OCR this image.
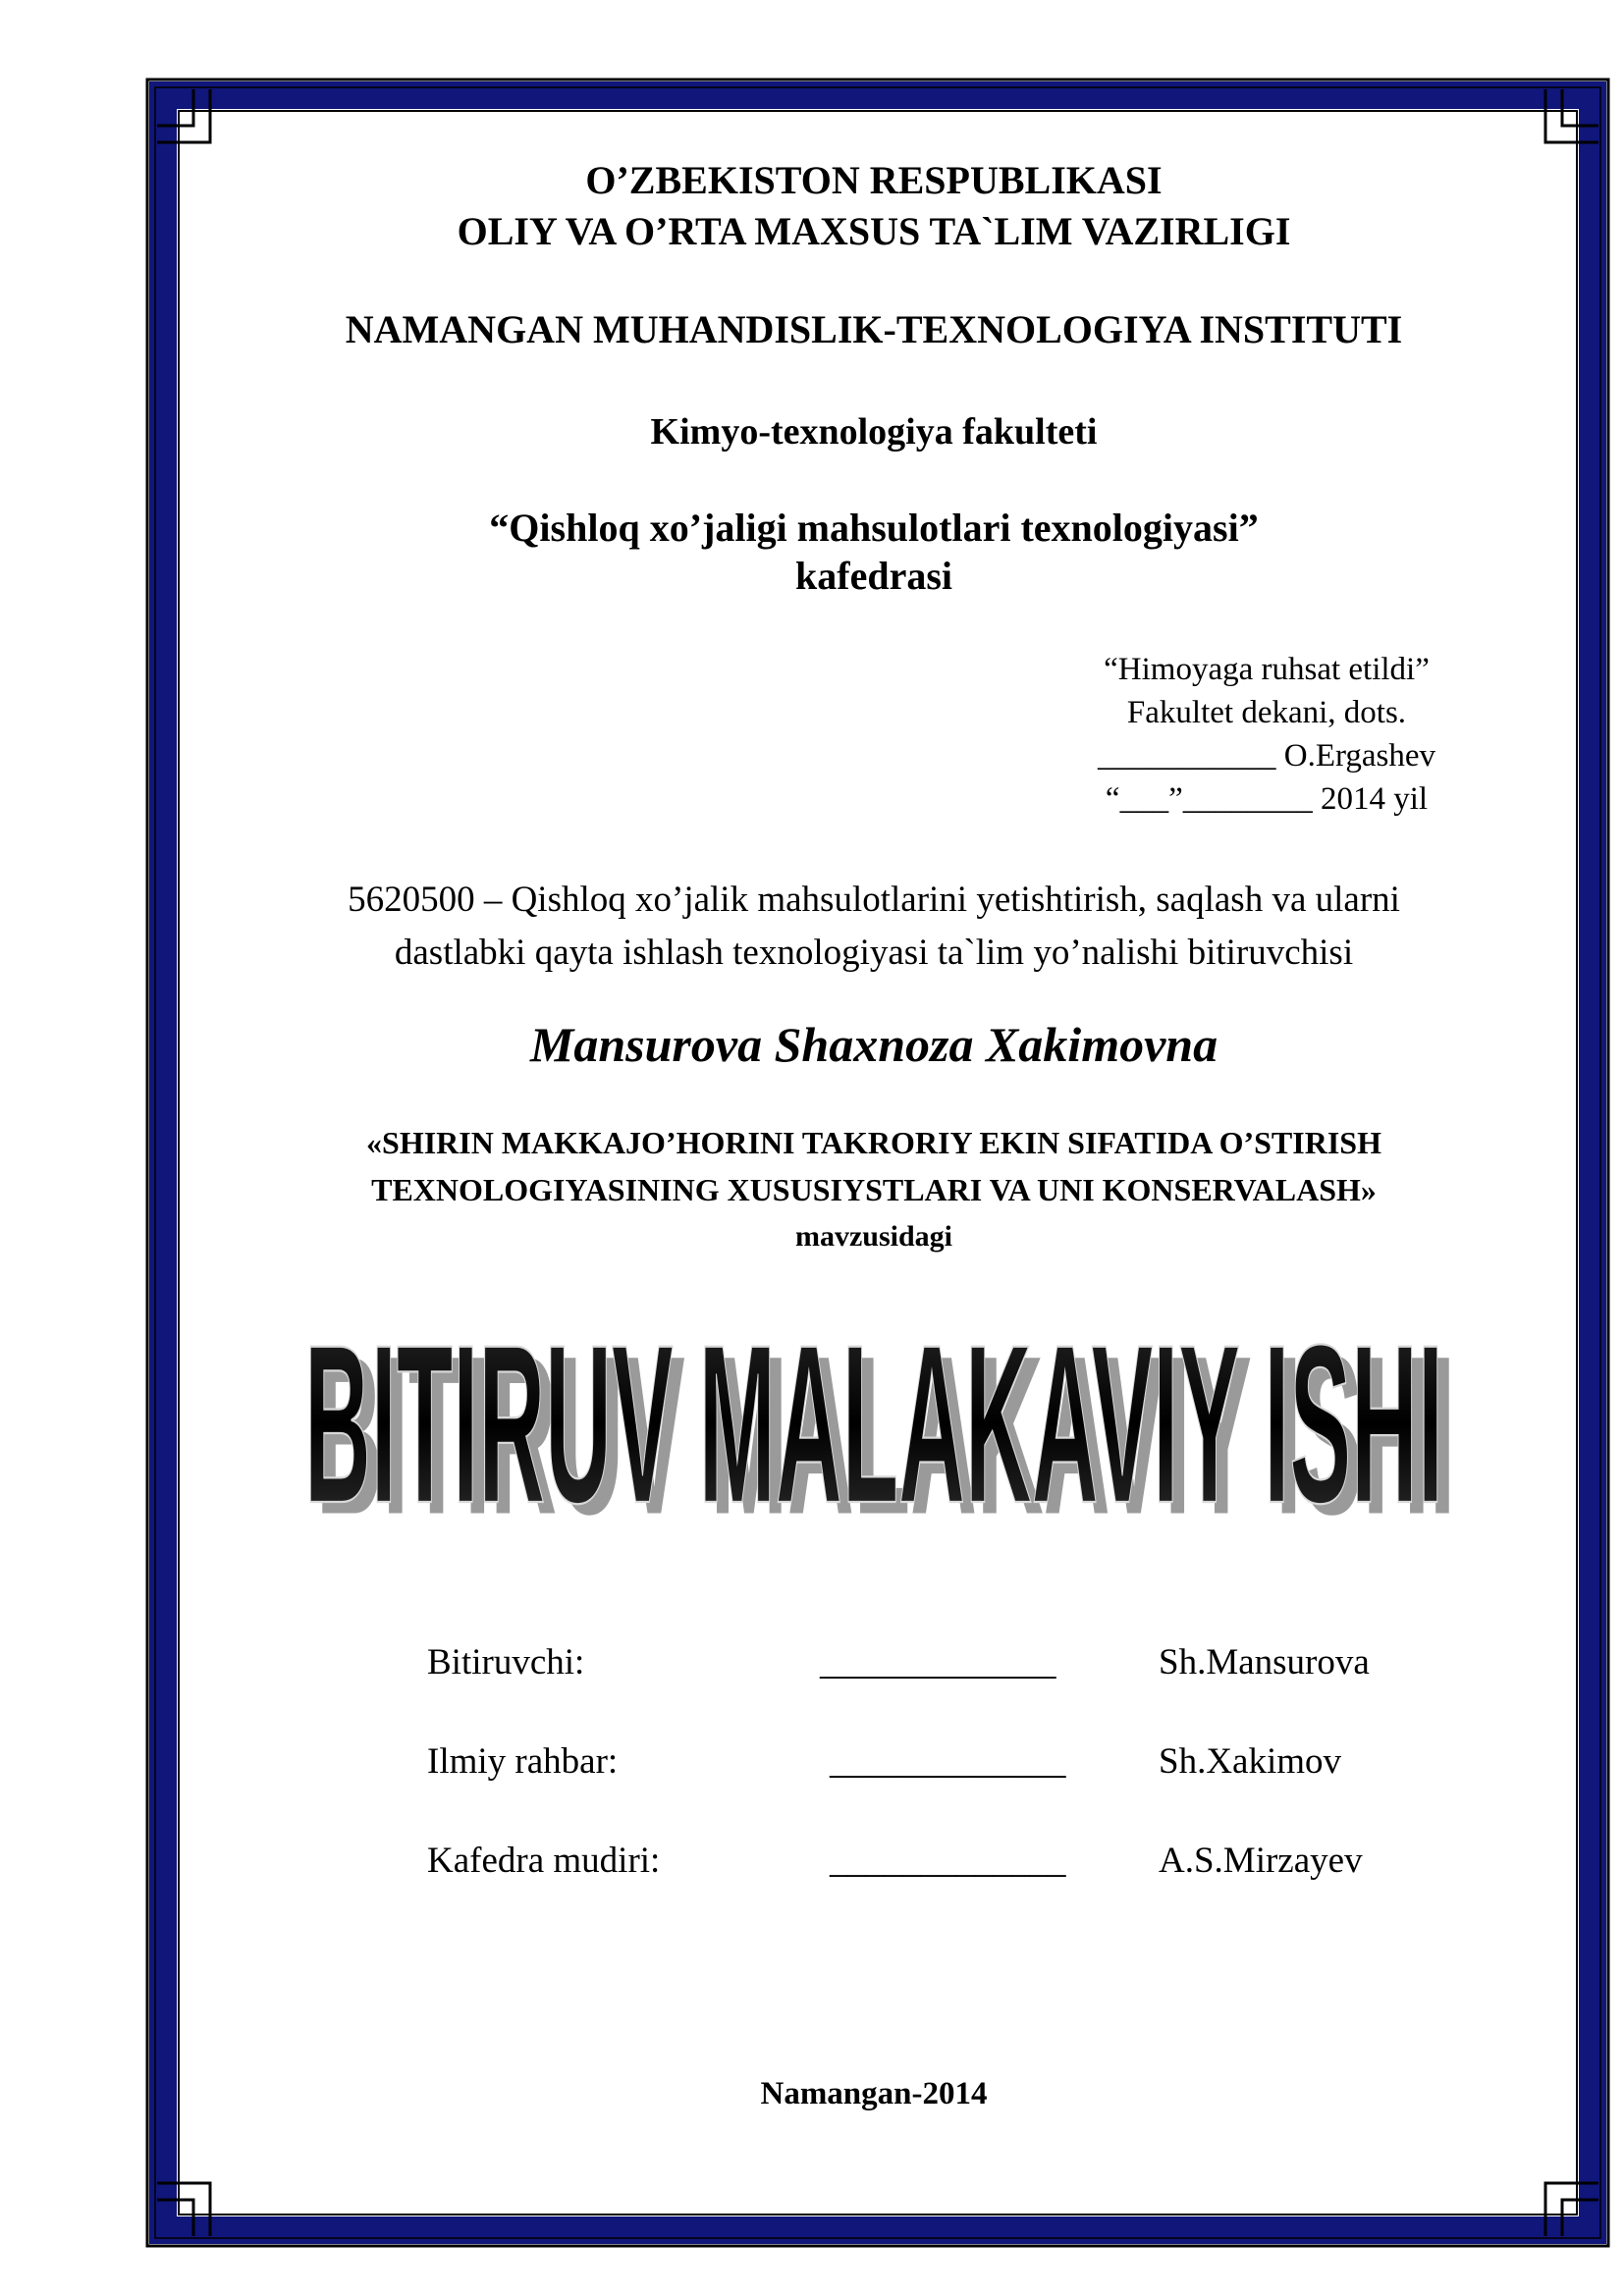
O’ZBEKISTON RESPUBLIKASI
OLIY VA O’RTA MAXSUS TA`LIM VAZIRLIGI
NAMANGAN MUHANDISLIK-TEXNOLOGIYA INSTITUTI
Kimyo-texnologiya fakulteti
“Qishloq xo’jaligi mahsulotlari texnologiyasi”
kafedrasi
“Himoyaga ruhsat etildi”
Fakultet dekani, dots.
___________ O.Ergashev
“___”________ 2014 yil
5620500 – Qishloq xo’jalik mahsulotlarini yetishtirish, saqlash va ularni
dastlabki qayta ishlash texnologiyasi ta`lim yo’nalishi bitiruvchisi
Mansurova Shaxnoza Xakimovna
«SHIRIN MAKKAJO’HORINI TAKRORIY EKIN SIFATIDA O’STIRISH
TEXNOLOGIYASINING XUSUSIYSTLARI VA UNI KONSERVALASH»
mavzusidagi
BITIRUV MALAKAVIY ISHI
BITIRUV MALAKAVIY ISHI
Bitiruvchi:	_____________	Sh.Mansurova
Ilmiy rahbar:	_____________	Sh.Xakimov
Kafedra mudiri:	_____________	A.S.Mirzayev
Namangan-2014
